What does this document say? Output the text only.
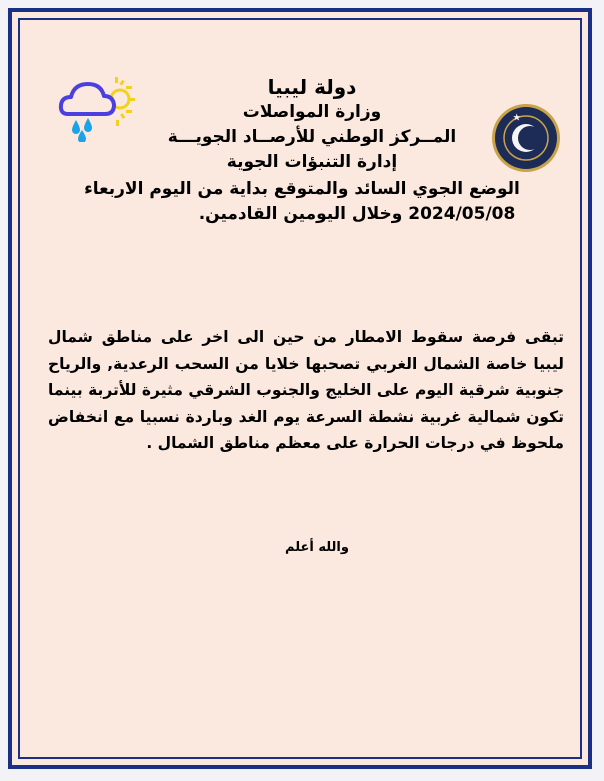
دولة ليبيا
وزارة المواصلات
المــركز الوطني للأرصــاد الجويـــة
إدارة التنبؤات الجوية
الوضع الجوي السائد والمتوقع بداية من اليوم الاربعاء
2024/05/08 وخلال اليومين القادمين.
تبقى فرصة سقوط الامطار من حين الى اخر على مناطق شمال ليبيا خاصة الشمال الغربي تصحبها خلايا من السحب الرعدية, والرياح جنوبية شرقية اليوم على الخليج والجنوب الشرقي مثيرة للأتربة بينما تكون شمالية غربية نشطة السرعة يوم الغد وباردة نسبيا مع انخفاض ملحوظ في درجات الحرارة على معظم مناطق الشمال .
والله أعلم
